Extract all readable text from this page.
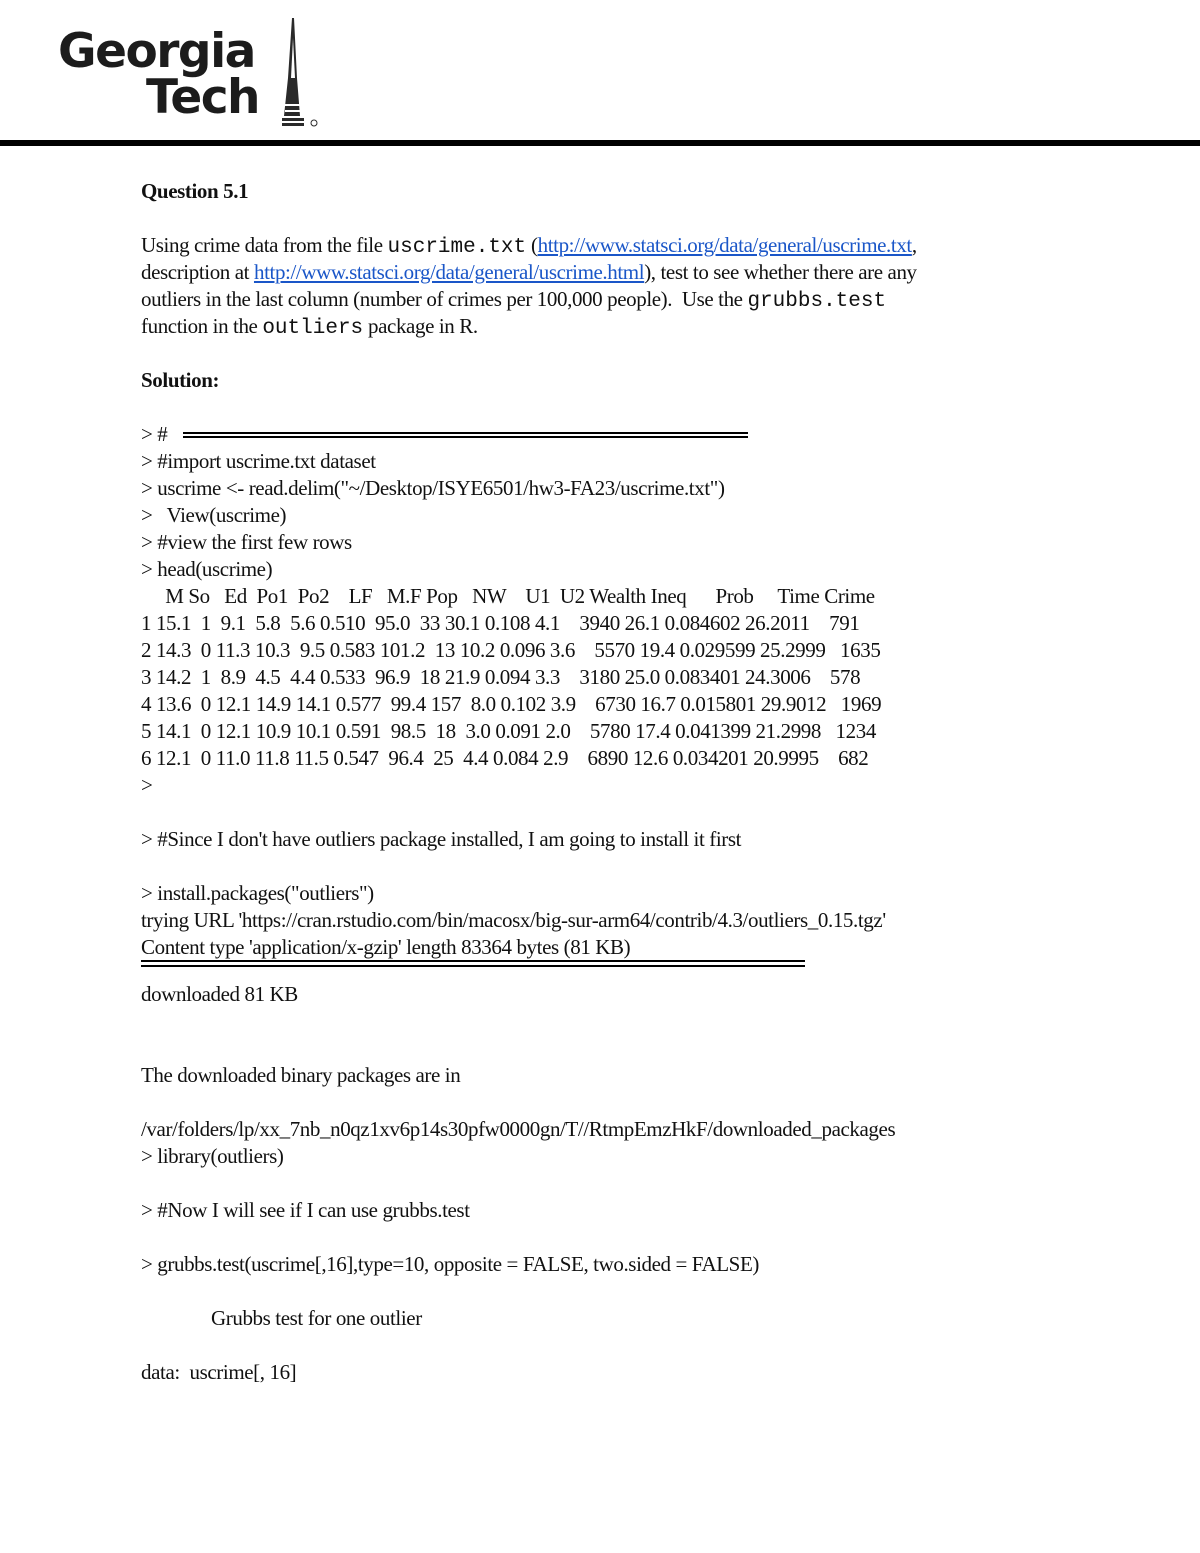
Georgia
Tech
Question 5.1
Using crime data from the file uscrime.txt (http://www.statsci.org/data/general/uscrime.txt,
description at http://www.statsci.org/data/general/uscrime.html), test to see whether there are any
outliers in the last column (number of crimes per 100,000 people).  Use the grubbs.test
function in the outliers package in R.
Solution:
> #
> #import uscrime.txt dataset
> uscrime <- read.delim("~/Desktop/ISYE6501/hw3-FA23/uscrime.txt")
>   View(uscrime)
> #view the first few rows
> head(uscrime)
M So   Ed  Po1  Po2    LF   M.F Pop   NW    U1  U2 Wealth Ineq      Prob     Time Crime
1 15.1  1  9.1  5.8  5.6 0.510  95.0  33 30.1 0.108 4.1    3940 26.1 0.084602 26.2011    791
2 14.3  0 11.3 10.3  9.5 0.583 101.2  13 10.2 0.096 3.6    5570 19.4 0.029599 25.2999   1635
3 14.2  1  8.9  4.5  4.4 0.533  96.9  18 21.9 0.094 3.3    3180 25.0 0.083401 24.3006    578
4 13.6  0 12.1 14.9 14.1 0.577  99.4 157  8.0 0.102 3.9    6730 16.7 0.015801 29.9012   1969
5 14.1  0 12.1 10.9 10.1 0.591  98.5  18  3.0 0.091 2.0    5780 17.4 0.041399 21.2998   1234
6 12.1  0 11.0 11.8 11.5 0.547  96.4  25  4.4 0.084 2.9    6890 12.6 0.034201 20.9995    682
>
> #Since I don't have outliers package installed, I am going to install it first
> install.packages("outliers")
trying URL 'https://cran.rstudio.com/bin/macosx/big-sur-arm64/contrib/4.3/outliers_0.15.tgz'
Content type 'application/x-gzip' length 83364 bytes (81 KB)
downloaded 81 KB
The downloaded binary packages are in
/var/folders/lp/xx_7nb_n0qz1xv6p14s30pfw0000gn/T//RtmpEmzHkF/downloaded_packages
> library(outliers)
> #Now I will see if I can use grubbs.test
> grubbs.test(uscrime[,16],type=10, opposite = FALSE, two.sided = FALSE)
Grubbs test for one outlier
data:  uscrime[, 16]
